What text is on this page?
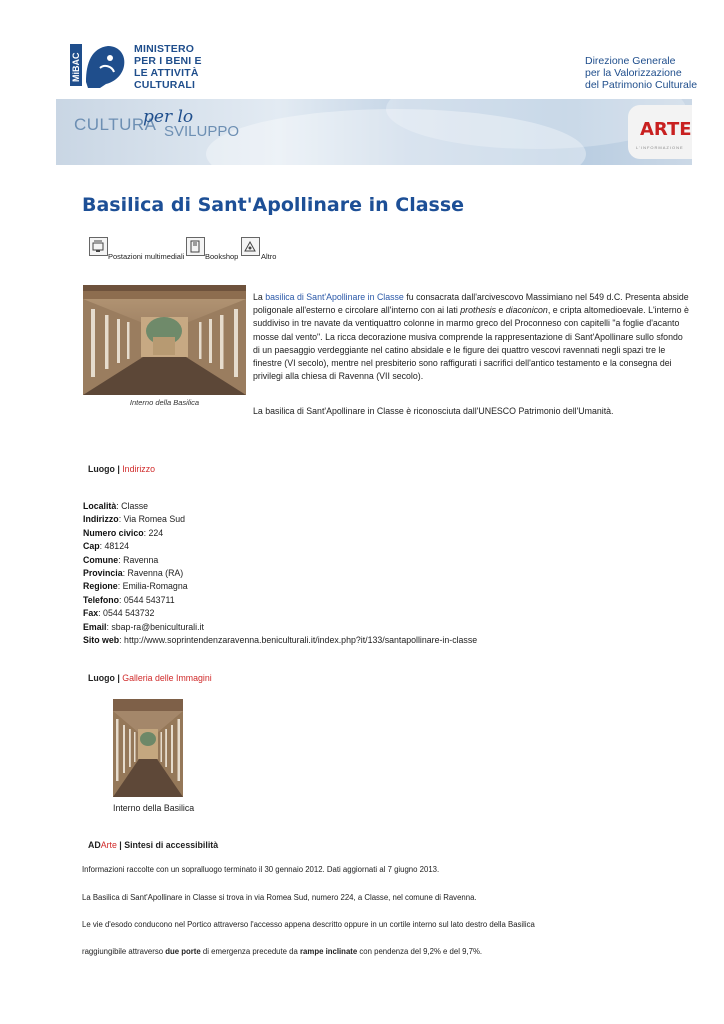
MiBAC
MINISTERO
PER I BENI E
LE ATTIVITÀ
CULTURALI
Direzione Generale
per la Valorizzazione
del Patrimonio Culturale
CULTURA
per lo
SVILUPPO	ARTE
L'INFORMAZIONE
Basilica di Sant'Apollinare in Classe
Postazioni multimediali	Bookshop	Altro
Interno della Basilica
La basilica di Sant'Apollinare in Classe fu consacrata dall'arcivescovo Massimiano nel 549 d.C. Presenta abside poligonale all'esterno e circolare all'interno con ai lati prothesis e diaconicon, e cripta altomedioevale. L'interno è suddiviso in tre navate da ventiquattro colonne in marmo greco del Proconneso con capitelli "a foglie d'acanto mosse dal vento". La ricca decorazione musiva comprende la rappresentazione di Sant'Apollinare sullo sfondo di un paesaggio verdeggiante nel catino absidale e le figure dei quattro vescovi ravennati negli spazi tre le finestre (VI secolo), mentre nel presbiterio sono raffigurati i sacrifici dell'antico testamento e la consegna dei privilegi alla chiesa di Ravenna (VII secolo).
La basilica di Sant'Apollinare in Classe è riconosciuta dall'UNESCO Patrimonio dell'Umanità.
Luogo | Indirizzo
Località: Classe
Indirizzo: Via Romea Sud
Numero civico: 224
Cap: 48124
Comune: Ravenna
Provincia: Ravenna (RA)
Regione: Emilia-Romagna
Telefono: 0544 543711
Fax: 0544 543732
Email: sbap-ra@beniculturali.it
Sito web: http://www.soprintendenzaravenna.beniculturali.it/index.php?it/133/santapollinare-in-classe
Luogo | Galleria delle Immagini
Interno della Basilica
ADArte | Sintesi di accessibilità
Informazioni raccolte con un sopralluogo terminato il 30 gennaio 2012. Dati aggiornati al 7 giugno 2013.
La Basilica di Sant'Apollinare in Classe si trova in via Romea Sud, numero 224, a Classe, nel comune di Ravenna.
Le vie d'esodo conducono nel Portico attraverso l'accesso appena descritto oppure in un cortile interno sul lato destro della Basilica
raggiungibile attraverso due porte di emergenza precedute da rampe inclinate con pendenza del 9,2% e del 9,7%.
